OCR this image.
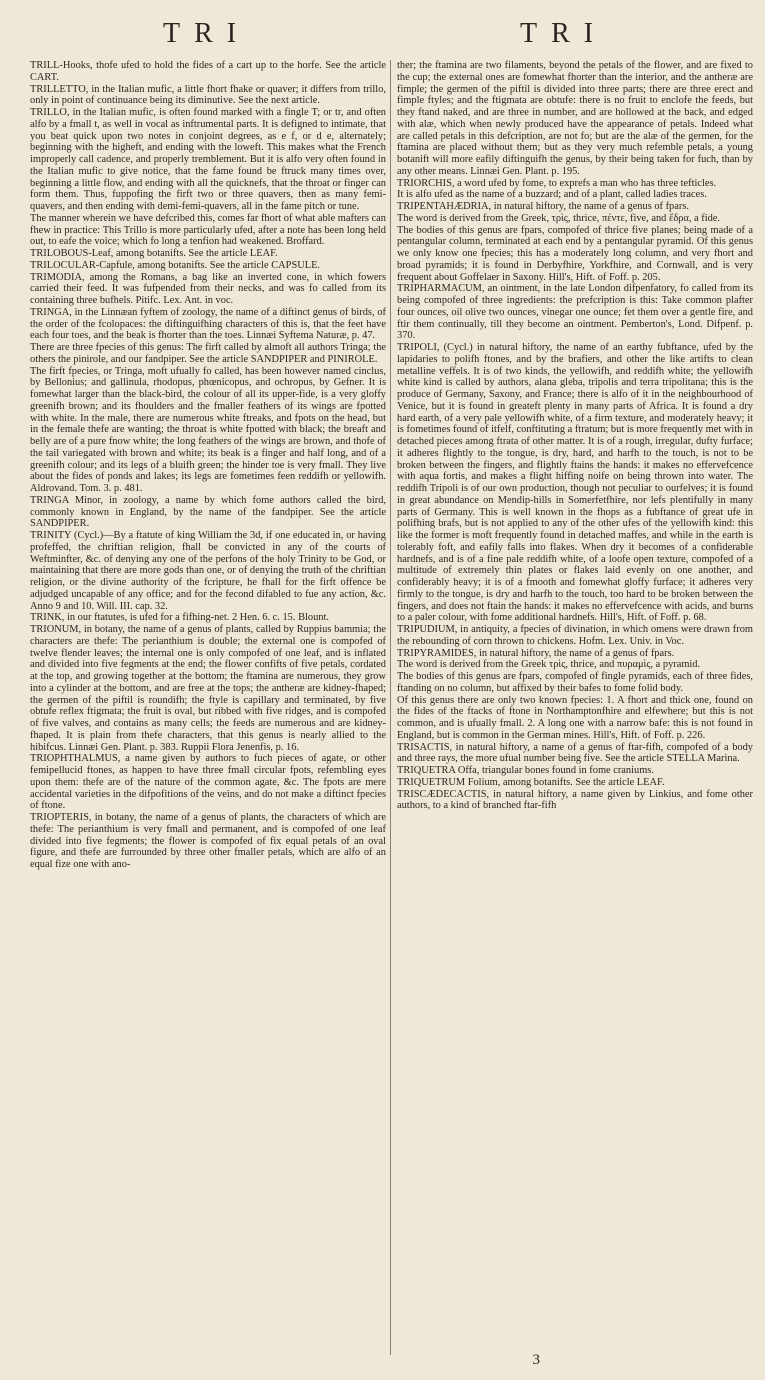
TRI	TRI

TRILL-Hooks, thofe ufed to hold the fides of a cart up to the horfe. See the article CART.

TRILLETTO, in the Italian mufic, a little fhort fhake or quaver; it differs from trillo, only in point of continuance being its diminutive. See the next article.

TRILLO, in the Italian mufic, is often found marked with a fingle T; or tr, and often alfo by a fmall t, as well in vocal as inftrumental parts. It is defigned to intimate, that you beat quick upon two notes in conjoint degrees, as e f, or d e, alternately; beginning with the higheft, and ending with the loweft. This makes what the French improperly call cadence, and properly tremblement. But it is alfo very often found in the Italian mufic to give notice, that the fame found be ftruck many times over, beginning a little flow, and ending with all the quicknefs, that the throat or finger can form them. Thus, fuppofing the firft two or three quavers, then as many femi-quavers, and then ending with demi-femi-quavers, all in the fame pitch or tune.

The manner wherein we have defcribed this, comes far fhort of what able mafters can fhew in practice: This Trillo is more particularly ufed, after a note has been long held out, to eafe the voice; which fo long a tenfion had weakened. Broffard.

TRILOBOUS-Leaf, among botanifts. See the article LEAF.

TRILOCULAR-Capfule, among botanifts. See the article CAPSULE.

TRIMODIA, among the Romans, a bag like an inverted cone, in which fowers carried their feed. It was fufpended from their necks, and was fo called from its containing three bufhels. Pitifc. Lex. Ant. in voc.

TRINGA, in the Linnæan fyftem of zoology, the name of a diftinct genus of birds, of the order of the fcolopaces: the diftinguifhing characters of this is, that the feet have each four toes, and the beak is fhorter than the toes. Linnæi Syftema Naturæ, p. 47.

There are three fpecies of this genus: The firft called by almoft all authors Tringa; the others the pinirole, and our fandpiper. See the article SANDPIPER and PINIROLE.

The firft fpecies, or Tringa, moft ufually fo called, has been however named cinclus, by Bellonius; and gallinula, rhodopus, phœnicopus, and ochropus, by Gefner. It is fomewhat larger than the black-bird, the colour of all its upper-fide, is a very gloffy greenifh brown; and its fhoulders and the fmaller feathers of its wings are fpotted with white. In the male, there are numerous white ftreaks, and fpots on the head, but in the female thefe are wanting; the throat is white fpotted with black; the breaft and belly are of a pure fnow white; the long feathers of the wings are brown, and thofe of the tail variegated with brown and white; its beak is a finger and half long, and of a greenifh colour; and its legs of a bluifh green; the hinder toe is very fmall. They live about the fides of ponds and lakes; its legs are fometimes feen reddifh or yellowifh. Aldrovand. Tom. 3. p. 481.

TRINGA Minor, in zoology, a name by which fome authors called the bird, commonly known in England, by the name of the fandpiper. See the article SANDPIPER.

TRINITY (Cycl.)—By a ftatute of king William the 3d, if one educated in, or having profeffed, the chriftian religion, fhall be convicted in any of the courts of Weftminfter, &c. of denying any one of the perfons of the holy Trinity to be God, or maintaining that there are more gods than one, or of denying the truth of the chriftian religion, or the divine authority of the fcripture, he fhall for the firft offence be adjudged uncapable of any office; and for the fecond difabled to fue any action, &c. Anno 9 and 10. Will. III. cap. 32.

TRINK, in our ftatutes, is ufed for a fifhing-net. 2 Hen. 6. c. 15. Blount.

TRIONUM, in botany, the name of a genus of plants, called by Ruppius bammia; the characters are thefe: The perianthium is double; the external one is compofed of twelve flender leaves; the internal one is only compofed of one leaf, and is inflated and divided into five fegments at the end; the flower confifts of five petals, cordated at the top, and growing together at the bottom; the ftamina are numerous, they grow into a cylinder at the bottom, and are free at the tops; the antheræ are kidney-fhaped; the germen of the piftil is roundifh; the ftyle is capillary and terminated, by five obtufe reflex ftigmata; the fruit is oval, but ribbed with five ridges, and is compofed of five valves, and contains as many cells; the feeds are numerous and are kidney-fhaped. It is plain from thefe characters, that this genus is nearly allied to the hibifcus. Linnæi Gen. Plant. p. 383. Ruppii Flora Jenenfis, p. 16.

TRIOPHTHALMUS, a name given by authors to fuch pieces of agate, or other femipellucid ftones, as happen to have three fmall circular fpots, refembling eyes upon them: thefe are of the nature of the common agate, &c. The fpots are mere accidental varieties in the difpofitions of the veins, and do not make a diftinct fpecies of ftone.

TRIOPTERIS, in botany, the name of a genus of plants, the characters of which are thefe: The perianthium is very fmall and permanent, and is compofed of one leaf divided into five fegments; the flower is compofed of fix equal petals of an oval figure, and thefe are furrounded by three other fmaller petals, which are alfo of an equal fize one with ano-

ther; the ftamina are two filaments, beyond the petals of the flower, and are fixed to the cup; the external ones are fomewhat fhorter than the interior, and the antheræ are fimple; the germen of the piftil is divided into three parts; there are three erect and fimple ftyles; and the ftigmata are obtufe: there is no fruit to enclofe the feeds, but they ftand naked, and are three in number, and are hollowed at the back, and edged with alæ, which when newly produced have the appearance of petals. Indeed what are called petals in this defcription, are not fo; but are the alæ of the germen, for the ftamina are placed without them; but as they very much refemble petals, a young botanift will more eafily diftinguifh the genus, by their being taken for fuch, than by any other means. Linnæi Gen. Plant. p. 195.

TRIORCHIS, a word ufed by fome, to exprefs a man who has three tefticles.

It is alfo ufed as the name of a buzzard; and of a plant, called ladies traces.

TRIPENTAHÆDRIA, in natural hiftory, the name of a genus of fpars.

The word is derived from the Greek, τρὶς, thrice, πέντε, five, and ἕδρα, a fide.

The bodies of this genus are fpars, compofed of thrice five planes; being made of a pentangular column, terminated at each end by a pentangular pyramid. Of this genus we only know one fpecies; this has a moderately long column, and very fhort and broad pyramids; it is found in Derbyfhire, Yorkfhire, and Cornwall, and is very frequent about Goffelaer in Saxony. Hill's, Hift. of Foff. p. 205.

TRIPHARMACUM, an ointment, in the late London difpenfatory, fo called from its being compofed of three ingredients: the prefcription is this: Take common plafter four ounces, oil olive two ounces, vinegar one ounce; fet them over a gentle fire, and ftir them continually, till they become an ointment. Pemberton's, Lond. Difpenf. p. 370.

TRIPOLI, (Cycl.) in natural hiftory, the name of an earthy fubftance, ufed by the lapidaries to polifh ftones, and by the brafiers, and other the like artifts to clean metalline veffels. It is of two kinds, the yellowifh, and reddifh white; the yellowifh white kind is called by authors, alana gleba, tripolis and terra tripolitana; this is the produce of Germany, Saxony, and France; there is alfo of it in the neighbourhood of Venice, but it is found in greateft plenty in many parts of Africa. It is found a dry hard earth, of a very pale yellowifh white, of a firm texture, and moderately heavy; it is fometimes found of itfelf, conftituting a ftratum; but is more frequently met with in detached pieces among ftrata of other matter. It is of a rough, irregular, dufty furface; it adheres flightly to the tongue, is dry, hard, and harfh to the touch, is not to be broken between the fingers, and flightly ftains the hands: it makes no effervefcence with aqua fortis, and makes a flight hiffing noife on being thrown into water. The reddifh Tripoli is of our own production, though not peculiar to ourfelves; it is found in great abundance on Mendip-hills in Somerfetfhire, nor lefs plentifully in many parts of Germany. This is well known in the fhops as a fubftance of great ufe in polifhing brafs, but is not applied to any of the other ufes of the yellowifh kind: this like the former is moft frequently found in detached maffes, and while in the earth is tolerably foft, and eafily falls into flakes. When dry it becomes of a confiderable hardnefs, and is of a fine pale reddifh white, of a loofe open texture, compofed of a multitude of extremely thin plates or flakes laid evenly on one another, and confiderably heavy; it is of a fmooth and fomewhat gloffy furface; it adheres very firmly to the tongue, is dry and harfh to the touch, too hard to be broken between the fingers, and does not ftain the hands: it makes no effervefcence with acids, and burns to a paler colour, with fome additional hardnefs. Hill's, Hift. of Foff. p. 68.

TRIPUDIUM, in antiquity, a fpecies of divination, in which omens were drawn from the rebounding of corn thrown to chickens. Hofm. Lex. Univ. in Voc.

TRIPYRAMIDES, in natural hiftory, the name of a genus of fpars.

The word is derived from the Greek τρὶς, thrice, and πυραμὶς, a pyramid.

The bodies of this genus are fpars, compofed of fingle pyramids, each of three fides, ftanding on no column, but affixed by their bafes to fome folid body.

Of this genus there are only two known fpecies: 1. A fhort and thick one, found on the fides of the ftacks of ftone in Northamptonfhire and elfewhere; but this is not common, and is ufually fmall. 2. A long one with a narrow bafe: this is not found in England, but is common in the German mines. Hill's, Hift. of Foff. p. 226.

TRISACTIS, in natural hiftory, a name of a genus of ftar-fifh, compofed of a body and three rays, the more ufual number being five. See the article STELLA Marina.

TRIQUETRA Offa, triangular bones found in fome craniums.

TRIQUETRUM Folium, among botanifts. See the article LEAF.

TRISCÆDECACTIS, in natural hiftory, a name given by Linkius, and fome other authors, to a kind of branched ftar-fifh

3
